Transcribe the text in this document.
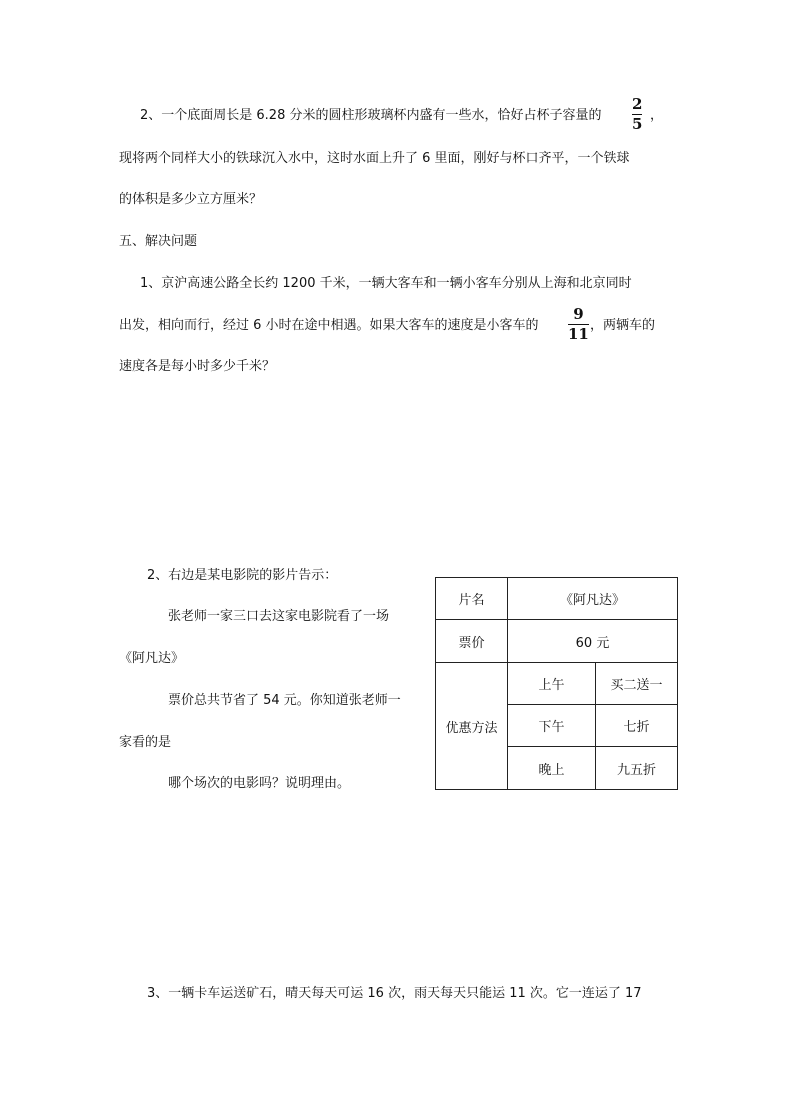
2、一个底面周长是 6.28 分米的圆柱形玻璃杯内盛有一些水，恰好占杯子容量的
2
5 ，
现将两个同样大小的铁球沉入水中，这时水面上升了 6 里面，刚好与杯口齐平，一个铁球
的体积是多少立方厘米？
五、解决问题
1、京沪高速公路全长约 1200 千米，一辆大客车和一辆小客车分别从上海和北京同时
出发，相向而行，经过 6 小时在途中相遇。如果大客车的速度是小客车的
9
11 ，两辆车的
速度各是每小时多少千米？
2、右边是某电影院的影片告示：
张老师一家三口去这家电影院看了一场
《阿凡达》
票价总共节省了 54 元。你知道张老师一
家看的是
哪个场次的电影吗？说明理由。
片名	《阿凡达》	
票价	60 元	
优惠方法	上午	买二送一
	下午	七折
	晚上	九五折
3、一辆卡车运送矿石，晴天每天可运 16 次，雨天每天只能运 11 次。它一连运了 17
